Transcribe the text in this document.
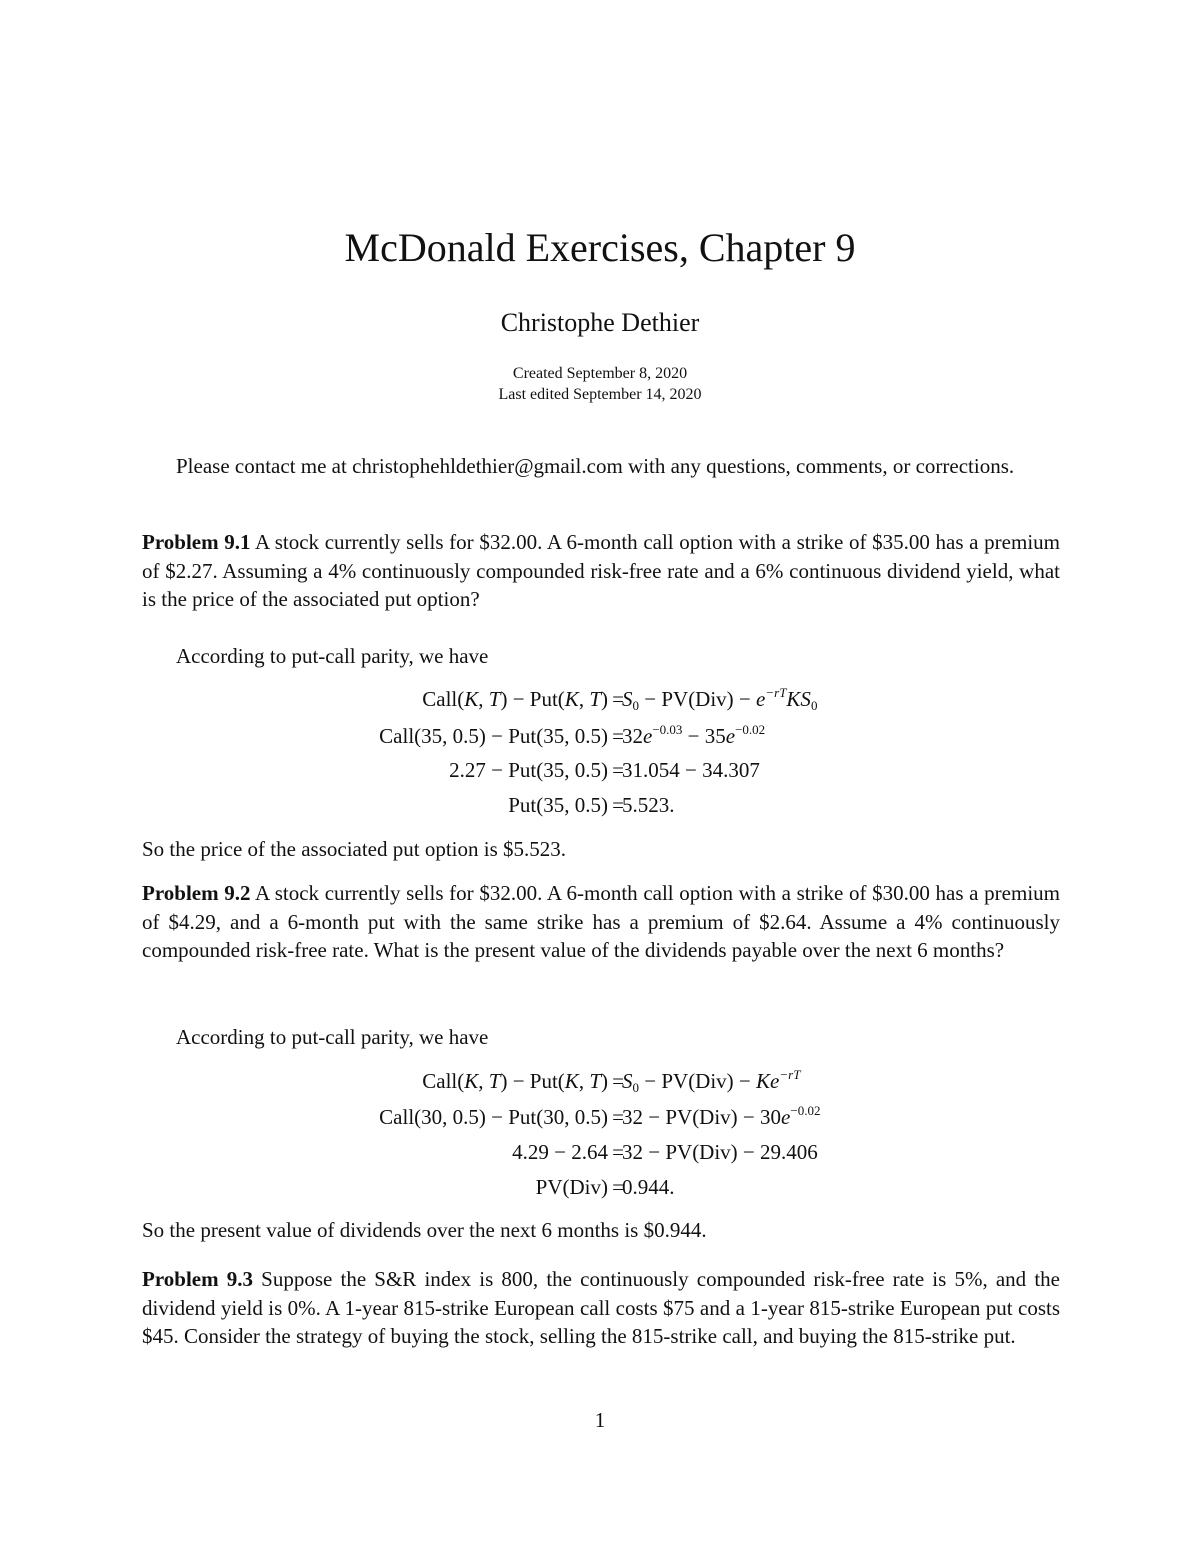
McDonald Exercises, Chapter 9
Christophe Dethier
Created September 8, 2020
Last edited September 14, 2020
Please contact me at christophehldethier@gmail.com with any questions, comments, or corrections.
Problem 9.1 A stock currently sells for $32.00. A 6-month call option with a strike of $35.00 has a premium of $2.27. Assuming a 4% continuously compounded risk-free rate and a 6% continuous dividend yield, what is the price of the associated put option?
According to put-call parity, we have
Call(K, T) − Put(K, T) =
$S_0 - PV(Div) - e^{-rT}KS_0$
Call(35, 0.5) − Put(35, 0.5) =
$32e^{-0.03} - 35e^{-0.02}$
2.27 − Put(35, 0.5) =
31.054 − 34.307
Put(35, 0.5) =
5.523.
So the price of the associated put option is $5.523.
Problem 9.2 A stock currently sells for $32.00. A 6-month call option with a strike of $30.00 has a premium of $4.29, and a 6-month put with the same strike has a premium of $2.64. Assume a 4% continuously compounded risk-free rate. What is the present value of the dividends payable over the next 6 months?
According to put-call parity, we have
Call(K, T) − Put(K, T) =
$S_0 - PV(Div) - Ke^{-rT}$
Call(30, 0.5) − Put(30, 0.5) =
$32 - PV(Div) - 30e^{-0.02}$
4.29 − 2.64 =
32 − PV(Div) − 29.406
PV(Div) =
0.944.
So the present value of dividends over the next 6 months is $0.944.
Problem 9.3 Suppose the S&R index is 800, the continuously compounded risk-free rate is 5%, and the dividend yield is 0%. A 1-year 815-strike European call costs $75 and a 1-year 815-strike European put costs $45. Consider the strategy of buying the stock, selling the 815-strike call, and buying the 815-strike put.
1
